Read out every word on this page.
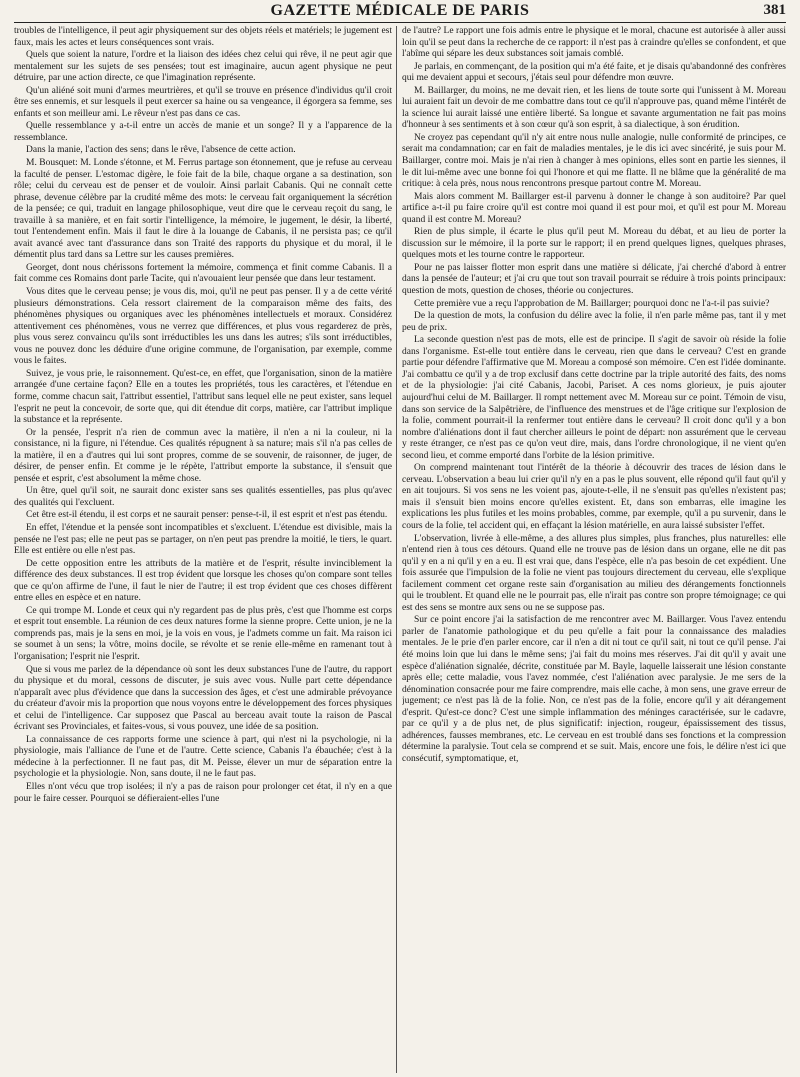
GAZETTE MÉDICALE DE PARIS	381

troubles de l'intelligence, il peut agir physiquement sur des objets réels et matériels; le jugement est faux, mais les actes et leurs conséquences sont vrais.

Quels que soient la nature, l'ordre et la liaison des idées chez celui qui rêve, il ne peut agir que mentalement sur les sujets de ses pensées; tout est imaginaire, aucun agent physique ne peut détruire, par une action directe, ce que l'imagination représente.

Qu'un aliéné soit muni d'armes meurtrières, et qu'il se trouve en présence d'individus qu'il croit être ses ennemis, et sur lesquels il peut exercer sa haine ou sa vengeance, il égorgera sa femme, ses enfants et son meilleur ami. Le rêveur n'est pas dans ce cas.

Quelle ressemblance y a-t-il entre un accès de manie et un songe? Il y a l'apparence de la ressemblance.

Dans la manie, l'action des sens; dans le rêve, l'absence de cette action.

M. Bousquet: M. Londe s'étonne, et M. Ferrus partage son étonnement, que je refuse au cerveau la faculté de penser. L'estomac digère, le foie fait de la bile, chaque organe a sa destination, son rôle; celui du cerveau est de penser et de vouloir. Ainsi parlait Cabanis. Qui ne connaît cette phrase, devenue célèbre par la crudité même des mots: le cerveau fait organiquement la sécrétion de la pensée; ce qui, traduit en langage philosophique, veut dire que le cerveau reçoit du sang, le travaille à sa manière, et en fait sortir l'intelligence, la mémoire, le jugement, le désir, la liberté, tout l'entendement enfin. Mais il faut le dire à la louange de Cabanis, il ne persista pas; ce qu'il avait avancé avec tant d'assurance dans son Traité des rapports du physique et du moral, il le démentit plus tard dans sa Lettre sur les causes premières.

Georget, dont nous chérissons fortement la mémoire, commença et finit comme Cabanis. Il a fait comme ces Romains dont parle Tacite, qui n'avouaient leur pensée que dans leur testament.

Vous dites que le cerveau pense; je vous dis, moi, qu'il ne peut pas penser. Il y a de cette vérité plusieurs démonstrations. Cela ressort clairement de la comparaison même des faits, des phénomènes physiques ou organiques avec les phénomènes intellectuels et moraux. Considérez attentivement ces phénomènes, vous ne verrez que différences, et plus vous regarderez de près, plus vous serez convaincu qu'ils sont irréductibles les uns dans les autres; s'ils sont irréductibles, vous ne pouvez donc les déduire d'une origine commune, de l'organisation, par exemple, comme vous le faites.

Suivez, je vous prie, le raisonnement. Qu'est-ce, en effet, que l'organisation, sinon de la matière arrangée d'une certaine façon? Elle en a toutes les propriétés, tous les caractères, et l'étendue en forme, comme chacun sait, l'attribut essentiel, l'attribut sans lequel elle ne peut exister, sans lequel l'esprit ne peut la concevoir, de sorte que, qui dit étendue dit corps, matière, car l'attribut implique la substance et la représente.

Or la pensée, l'esprit n'a rien de commun avec la matière, il n'en a ni la couleur, ni la consistance, ni la figure, ni l'étendue. Ces qualités répugnent à sa nature; mais s'il n'a pas celles de la matière, il en a d'autres qui lui sont propres, comme de se souvenir, de raisonner, de juger, de désirer, de penser enfin. Et comme je le répète, l'attribut emporte la substance, il s'ensuit que pensée et esprit, c'est absolument la même chose.

Un être, quel qu'il soit, ne saurait donc exister sans ses qualités essentielles, pas plus qu'avec des qualités qui l'excluent.

Cet être est-il étendu, il est corps et ne saurait penser: pense-t-il, il est esprit et n'est pas étendu.

En effet, l'étendue et la pensée sont incompatibles et s'excluent. L'étendue est divisible, mais la pensée ne l'est pas; elle ne peut pas se partager, on n'en peut pas prendre la moitié, le tiers, le quart. Elle est entière ou elle n'est pas.

De cette opposition entre les attributs de la matière et de l'esprit, résulte invinciblement la différence des deux substances. Il est trop évident que lorsque les choses qu'on compare sont telles que ce qu'on affirme de l'une, il faut le nier de l'autre; il est trop évident que ces choses diffèrent entre elles en espèce et en nature.

Ce qui trompe M. Londe et ceux qui n'y regardent pas de plus près, c'est que l'homme est corps et esprit tout ensemble. La réunion de ces deux natures forme la sienne propre. Cette union, je ne la comprends pas, mais je la sens en moi, je la vois en vous, je l'admets comme un fait. Ma raison ici se soumet à un sens; la vôtre, moins docile, se révolte et se renie elle-même en ramenant tout à l'organisation; l'esprit nie l'esprit.

Que si vous me parlez de la dépendance où sont les deux substances l'une de l'autre, du rapport du physique et du moral, cessons de discuter, je suis avec vous. Nulle part cette dépendance n'apparaît avec plus d'évidence que dans la succession des âges, et c'est une admirable prévoyance du créateur d'avoir mis la proportion que nous voyons entre le développement des forces physiques et celui de l'intelligence. Car supposez que Pascal au berceau avait toute la raison de Pascal écrivant ses Provinciales, et faites-vous, si vous pouvez, une idée de sa position.

La connaissance de ces rapports forme une science à part, qui n'est ni la psychologie, ni la physiologie, mais l'alliance de l'une et de l'autre. Cette science, Cabanis l'a ébauchée; c'est à la médecine à la perfectionner. Il ne faut pas, dit M. Peisse, élever un mur de séparation entre la psychologie et la physiologie. Non, sans doute, il ne le faut pas.

Elles n'ont vécu que trop isolées; il n'y a pas de raison pour prolonger cet état, il n'y en a que pour le faire cesser. Pourquoi se défieraient-elles l'une

de l'autre? Le rapport une fois admis entre le physique et le moral, chacune est autorisée à aller aussi loin qu'il se peut dans la recherche de ce rapport: il n'est pas à craindre qu'elles se confondent, et que l'abîme qui sépare les deux substances soit jamais comblé.

Je parlais, en commençant, de la position qui m'a été faite, et je disais qu'abandonné des confrères qui me devaient appui et secours, j'étais seul pour défendre mon œuvre.

M. Baillarger, du moins, ne me devait rien, et les liens de toute sorte qui l'unissent à M. Moreau lui auraient fait un devoir de me combattre dans tout ce qu'il n'approuve pas, quand même l'intérêt de la science lui aurait laissé une entière liberté. Sa longue et savante argumentation ne fait pas moins d'honneur à ses sentiments et à son cœur qu'à son esprit, à sa dialectique, à son érudition.

Ne croyez pas cependant qu'il n'y ait entre nous nulle analogie, nulle conformité de principes, ce serait ma condamnation; car en fait de maladies mentales, je le dis ici avec sincérité, je suis pour M. Baillarger, contre moi. Mais je n'ai rien à changer à mes opinions, elles sont en partie les siennes, il le dit lui-même avec une bonne foi qui l'honore et qui me flatte. Il ne blâme que la généralité de ma critique: à cela près, nous nous rencontrons presque partout contre M. Moreau.

Mais alors comment M. Baillarger est-il parvenu à donner le change à son auditoire? Par quel artifice a-t-il pu faire croire qu'il est contre moi quand il est pour moi, et qu'il est pour M. Moreau quand il est contre M. Moreau?

Rien de plus simple, il écarte le plus qu'il peut M. Moreau du débat, et au lieu de porter la discussion sur le mémoire, il la porte sur le rapport; il en prend quelques lignes, quelques phrases, quelques mots et les tourne contre le rapporteur.

Pour ne pas laisser flotter mon esprit dans une matière si délicate, j'ai cherché d'abord à entrer dans la pensée de l'auteur; et j'ai cru que tout son travail pourrait se réduire à trois points principaux: question de mots, question de choses, théorie ou conjectures.

Cette première vue a reçu l'approbation de M. Baillarger; pourquoi donc ne l'a-t-il pas suivie?

De la question de mots, la confusion du délire avec la folie, il n'en parle même pas, tant il y met peu de prix.

La seconde question n'est pas de mots, elle est de principe. Il s'agit de savoir où réside la folie dans l'organisme. Est-elle tout entière dans le cerveau, rien que dans le cerveau? C'est en grande partie pour défendre l'affirmative que M. Moreau a composé son mémoire. C'en est l'idée dominante. J'ai combattu ce qu'il y a de trop exclusif dans cette doctrine par la triple autorité des faits, des noms et de la physiologie: j'ai cité Cabanis, Jacobi, Pariset. A ces noms glorieux, je puis ajouter aujourd'hui celui de M. Baillarger. Il rompt nettement avec M. Moreau sur ce point. Témoin de visu, dans son service de la Salpêtrière, de l'influence des menstrues et de l'âge critique sur l'explosion de la folie, comment pourrait-il la renfermer tout entière dans le cerveau? Il croit donc qu'il y a bon nombre d'aliénations dont il faut chercher ailleurs le point de départ: non assurément que le cerveau y reste étranger, ce n'est pas ce qu'on veut dire, mais, dans l'ordre chronologique, il ne vient qu'en second lieu, et comme emporté dans l'orbite de la lésion primitive.

On comprend maintenant tout l'intérêt de la théorie à découvrir des traces de lésion dans le cerveau. L'observation a beau lui crier qu'il n'y en a pas le plus souvent, elle répond qu'il faut qu'il y en ait toujours. Si vos sens ne les voient pas, ajoute-t-elle, il ne s'ensuit pas qu'elles n'existent pas; mais il s'ensuit bien moins encore qu'elles existent. Et, dans son embarras, elle imagine les explications les plus futiles et les moins probables, comme, par exemple, qu'il a pu survenir, dans le cours de la folie, tel accident qui, en effaçant la lésion matérielle, en aura laissé subsister l'effet.

L'observation, livrée à elle-même, a des allures plus simples, plus franches, plus naturelles: elle n'entend rien à tous ces détours. Quand elle ne trouve pas de lésion dans un organe, elle ne dit pas qu'il y en a ni qu'il y en a eu. Il est vrai que, dans l'espèce, elle n'a pas besoin de cet expédient. Une fois assurée que l'impulsion de la folie ne vient pas toujours directement du cerveau, elle s'explique facilement comment cet organe reste sain d'organisation au milieu des dérangements fonctionnels qui le troublent. Et quand elle ne le pourrait pas, elle n'irait pas contre son propre témoignage; ce qui est des sens se montre aux sens ou ne se suppose pas.

Sur ce point encore j'ai la satisfaction de me rencontrer avec M. Baillarger. Vous l'avez entendu parler de l'anatomie pathologique et du peu qu'elle a fait pour la connaissance des maladies mentales. Je le prie d'en parler encore, car il n'en a dit ni tout ce qu'il sait, ni tout ce qu'il pense. J'ai été moins loin que lui dans le même sens; j'ai fait du moins mes réserves. J'ai dit qu'il y avait une espèce d'aliénation signalée, décrite, constituée par M. Bayle, laquelle laisserait une lésion constante après elle; cette maladie, vous l'avez nommée, c'est l'aliénation avec paralysie. Je me sers de la dénomination consacrée pour me faire comprendre, mais elle cache, à mon sens, une grave erreur de jugement; ce n'est pas là de la folie. Non, ce n'est pas de la folie, encore qu'il y ait dérangement d'esprit. Qu'est-ce donc? C'est une simple inflammation des méninges caractérisée, sur le cadavre, par ce qu'il y a de plus net, de plus significatif: injection, rougeur, épaississement des tissus, adhérences, fausses membranes, etc. Le cerveau en est troublé dans ses fonctions et la compression détermine la paralysie. Tout cela se comprend et se suit. Mais, encore une fois, le délire n'est ici que consécutif, symptomatique, et,
